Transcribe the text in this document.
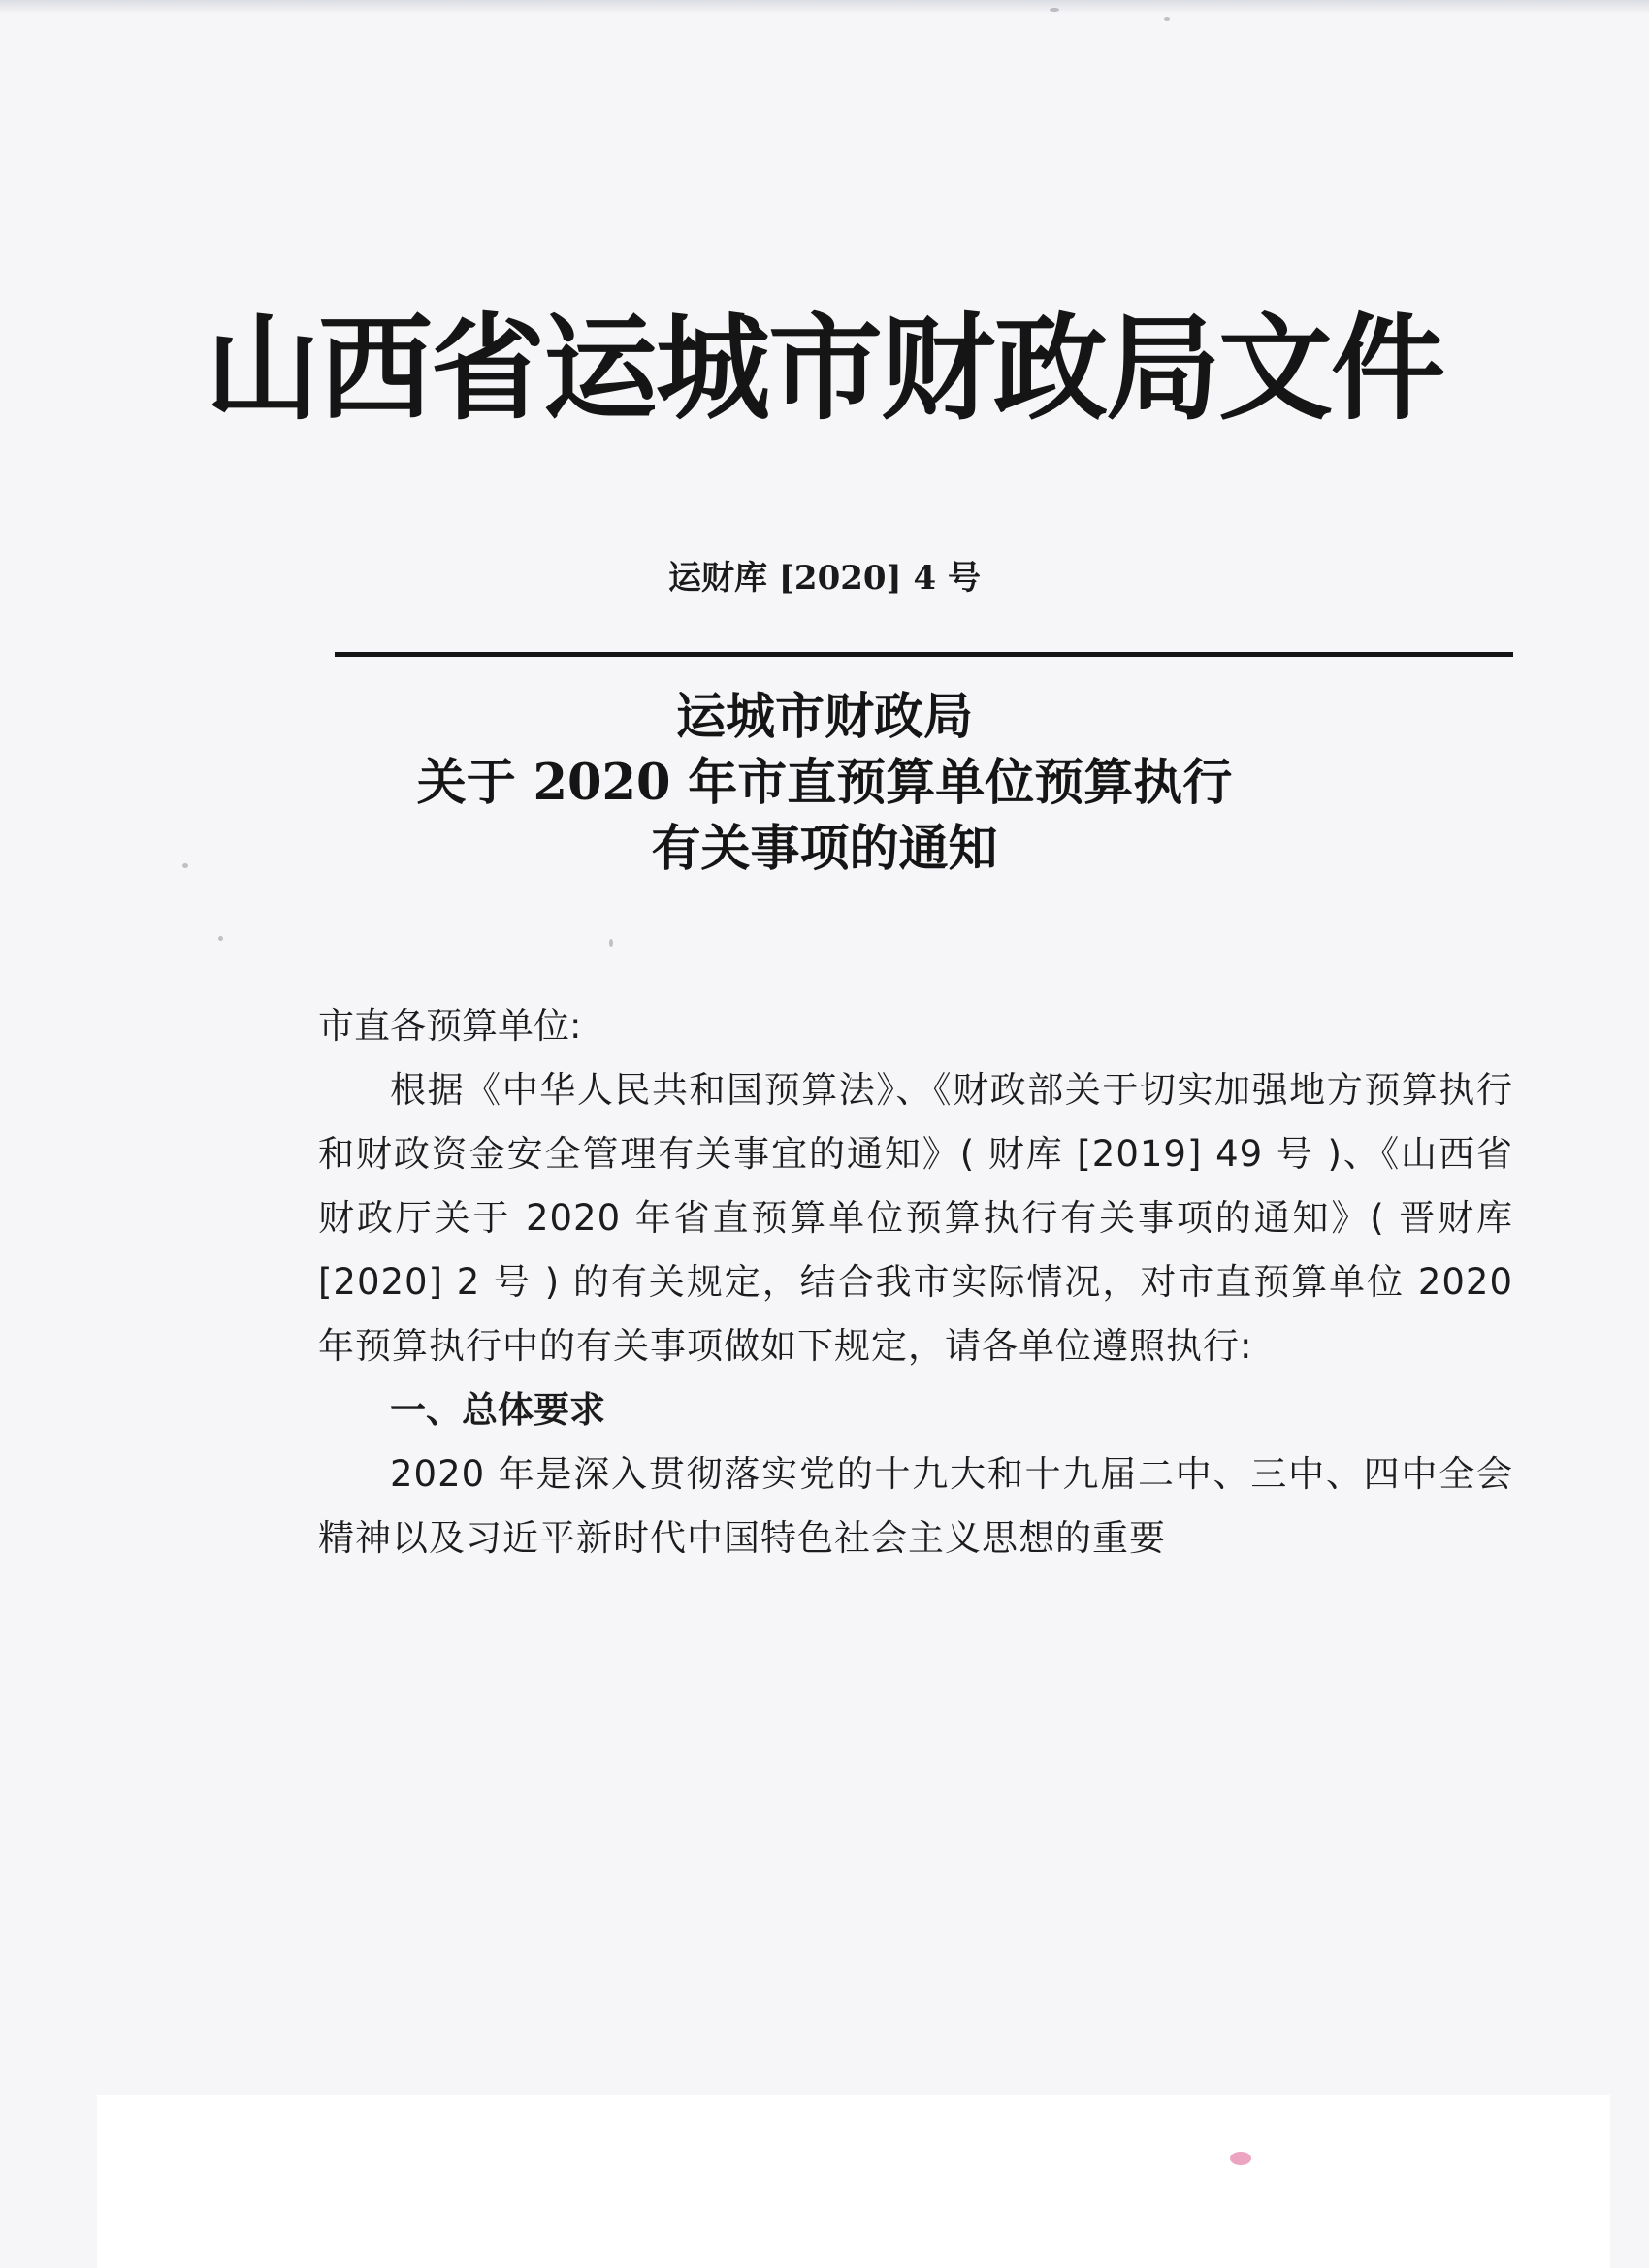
山西省运城市财政局文件
运财库 [2020] 4 号
运城市财政局
关于 2020 年市直预算单位预算执行
有关事项的通知
市直各预算单位:
根据《中华人民共和国预算法》、《财政部关于切实加强地方预算执行和财政资金安全管理有关事宜的通知》( 财库 [2019] 49 号 )、《山西省财政厅关于 2020 年省直预算单位预算执行有关事项的通知》( 晋财库 [2020] 2 号 ) 的有关规定，结合我市实际情况，对市直预算单位 2020 年预算执行中的有关事项做如下规定，请各单位遵照执行:
一、总体要求
2020 年是深入贯彻落实党的十九大和十九届二中、三中、四中全会精神以及习近平新时代中国特色社会主义思想的重要
